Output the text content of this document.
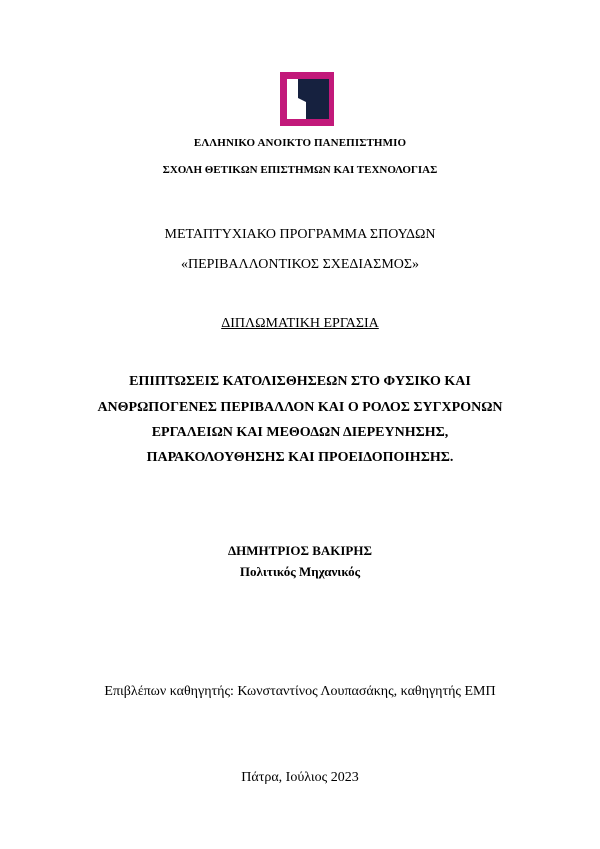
ΕΛΛΗΝΙΚΟ ΑΝΟΙΚΤΟ ΠΑΝΕΠΙΣΤΗΜΙΟ
ΣΧΟΛΗ ΘΕΤΙΚΩΝ ΕΠΙΣΤΗΜΩΝ ΚΑΙ ΤΕΧΝΟΛΟΓΙΑΣ
ΜΕΤΑΠΤΥΧΙΑΚΟ ΠΡΟΓΡΑΜΜΑ ΣΠΟΥΔΩΝ
«ΠΕΡΙΒΑΛΛΟΝΤΙΚΟΣ ΣΧΕΔΙΑΣΜΟΣ»
ΔΙΠΛΩΜΑΤΙΚΗ ΕΡΓΑΣΙΑ
ΕΠΙΠΤΩΣΕΙΣ ΚΑΤΟΛΙΣΘΗΣΕΩΝ ΣΤΟ ΦΥΣΙΚΟ ΚΑΙ
ΑΝΘΡΩΠΟΓΕΝΕΣ ΠΕΡΙΒΑΛΛΟΝ ΚΑΙ Ο ΡΟΛΟΣ ΣΥΓΧΡΟΝΩΝ
ΕΡΓΑΛΕΙΩΝ ΚΑΙ ΜΕΘΟΔΩΝ ΔΙΕΡΕΥΝΗΣΗΣ,
ΠΑΡΑΚΟΛΟΥΘΗΣΗΣ ΚΑΙ ΠΡΟΕΙΔΟΠΟΙΗΣΗΣ.
ΔΗΜΗΤΡΙΟΣ ΒΑΚΙΡΗΣ
Πολιτικός Μηχανικός
Επιβλέπων καθηγητής: Κωνσταντίνος Λουπασάκης, καθηγητής ΕΜΠ
Πάτρα, Ιούλιος 2023
